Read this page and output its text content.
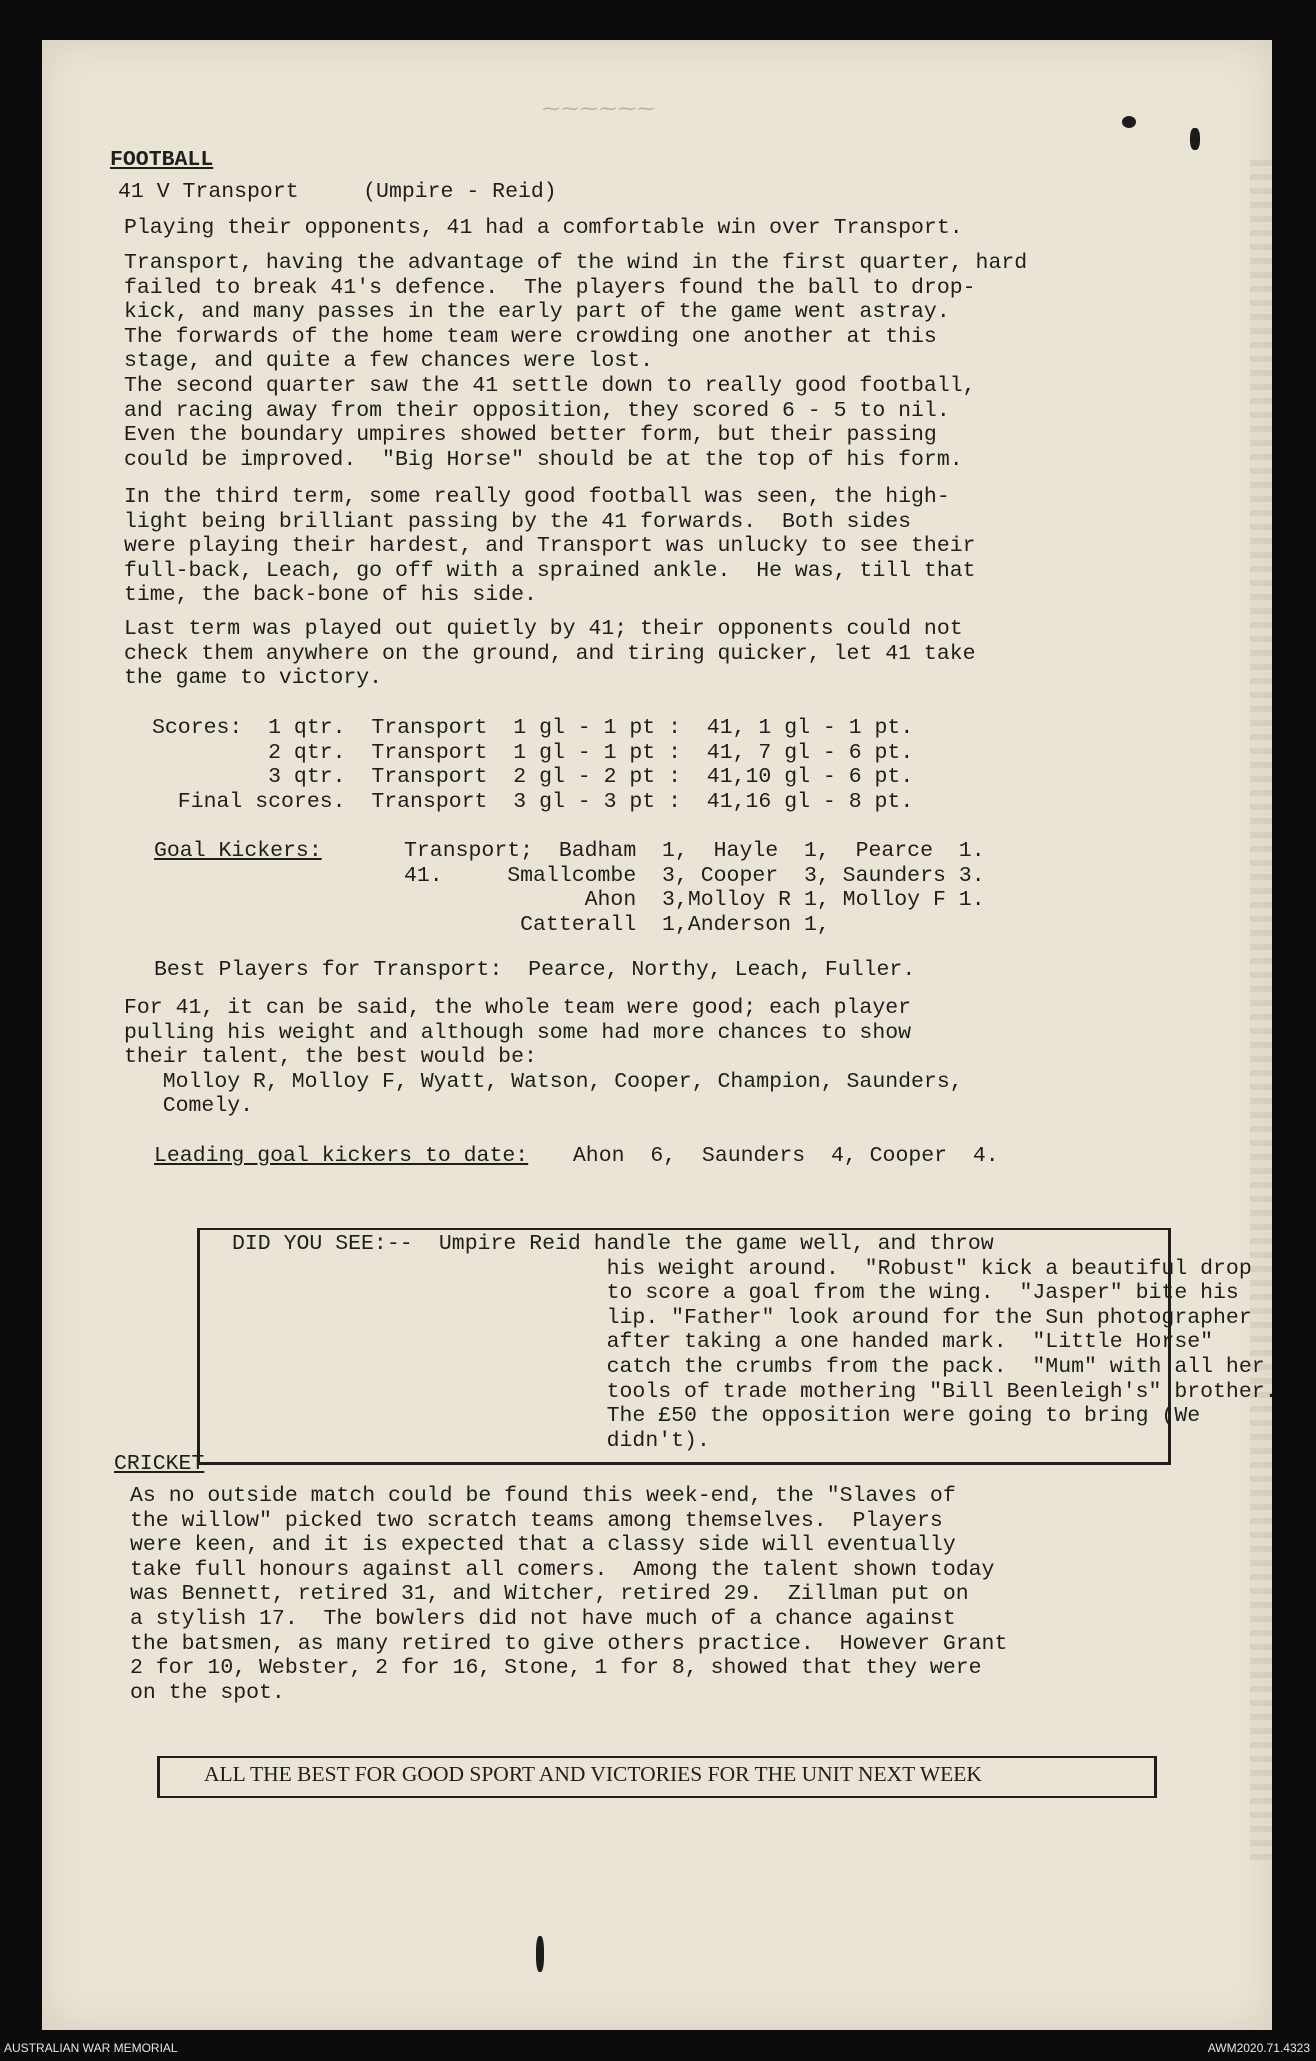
⁓⁓⁓⁓⁓⁓
FOOTBALL
41 V Transport     (Umpire - Reid)
Playing their opponents, 41 had a comfortable win over Transport.
Transport, having the advantage of the wind in the first quarter, hard
failed to break 41's defence.  The players found the ball to drop-
kick, and many passes in the early part of the game went astray.
The forwards of the home team were crowding one another at this
stage, and quite a few chances were lost.
The second quarter saw the 41 settle down to really good football,
and racing away from their opposition, they scored 6 - 5 to nil.
Even the boundary umpires showed better form, but their passing
could be improved.  "Big Horse" should be at the top of his form.
In the third term, some really good football was seen, the high-
light being brilliant passing by the 41 forwards.  Both sides
were playing their hardest, and Transport was unlucky to see their
full-back, Leach, go off with a sprained ankle.  He was, till that
time, the back-bone of his side.
Last term was played out quietly by 41; their opponents could not
check them anywhere on the ground, and tiring quicker, let 41 take
the game to victory.
Scores:  1 qtr.  Transport  1 gl - 1 pt :  41, 1 gl - 1 pt.
2 qtr.  Transport  1 gl - 1 pt :  41, 7 gl - 6 pt.
3 qtr.  Transport  2 gl - 2 pt :  41,10 gl - 6 pt.
Final scores.  Transport  3 gl - 3 pt :  41,16 gl - 8 pt.
Goal Kickers:	Transport;  Badham  1,  Hayle  1,  Pearce  1.
41.     Smallcombe  3, Cooper  3, Saunders 3.
Ahon  3,Molloy R 1, Molloy F 1.
Catterall  1,Anderson 1,
Best Players for Transport:  Pearce, Northy, Leach, Fuller.
For 41, it can be said, the whole team were good; each player
pulling his weight and although some had more chances to show
their talent, the best would be:
Molloy R, Molloy F, Wyatt, Watson, Cooper, Champion, Saunders,
Comely.
Leading goal kickers to date: Ahon  6,  Saunders  4, Cooper  4.
DID YOU SEE:--	Umpire Reid handle the game well, and throw
his weight around.  "Robust" kick a beautiful drop
to score a goal from the wing.  "Jasper" bite his
lip. "Father" look around for the Sun photographer
after taking a one handed mark.  "Little Horse"
catch the crumbs from the pack.  "Mum" with all her
tools of trade mothering "Bill Beenleigh's" brother.
The £50 the opposition were going to bring (We
didn't).
CRICKET
As no outside match could be found this week-end, the "Slaves of
the willow" picked two scratch teams among themselves.  Players
were keen, and it is expected that a classy side will eventually
take full honours against all comers.  Among the talent shown today
was Bennett, retired 31, and Witcher, retired 29.  Zillman put on
a stylish 17.  The bowlers did not have much of a chance against
the batsmen, as many retired to give others practice.  However Grant
2 for 10, Webster, 2 for 16, Stone, 1 for 8, showed that they were
on the spot.
ALL THE BEST FOR GOOD SPORT AND VICTORIES FOR THE UNIT NEXT WEEK
AUSTRALIAN WAR MEMORIAL	AWM2020.71.4323
